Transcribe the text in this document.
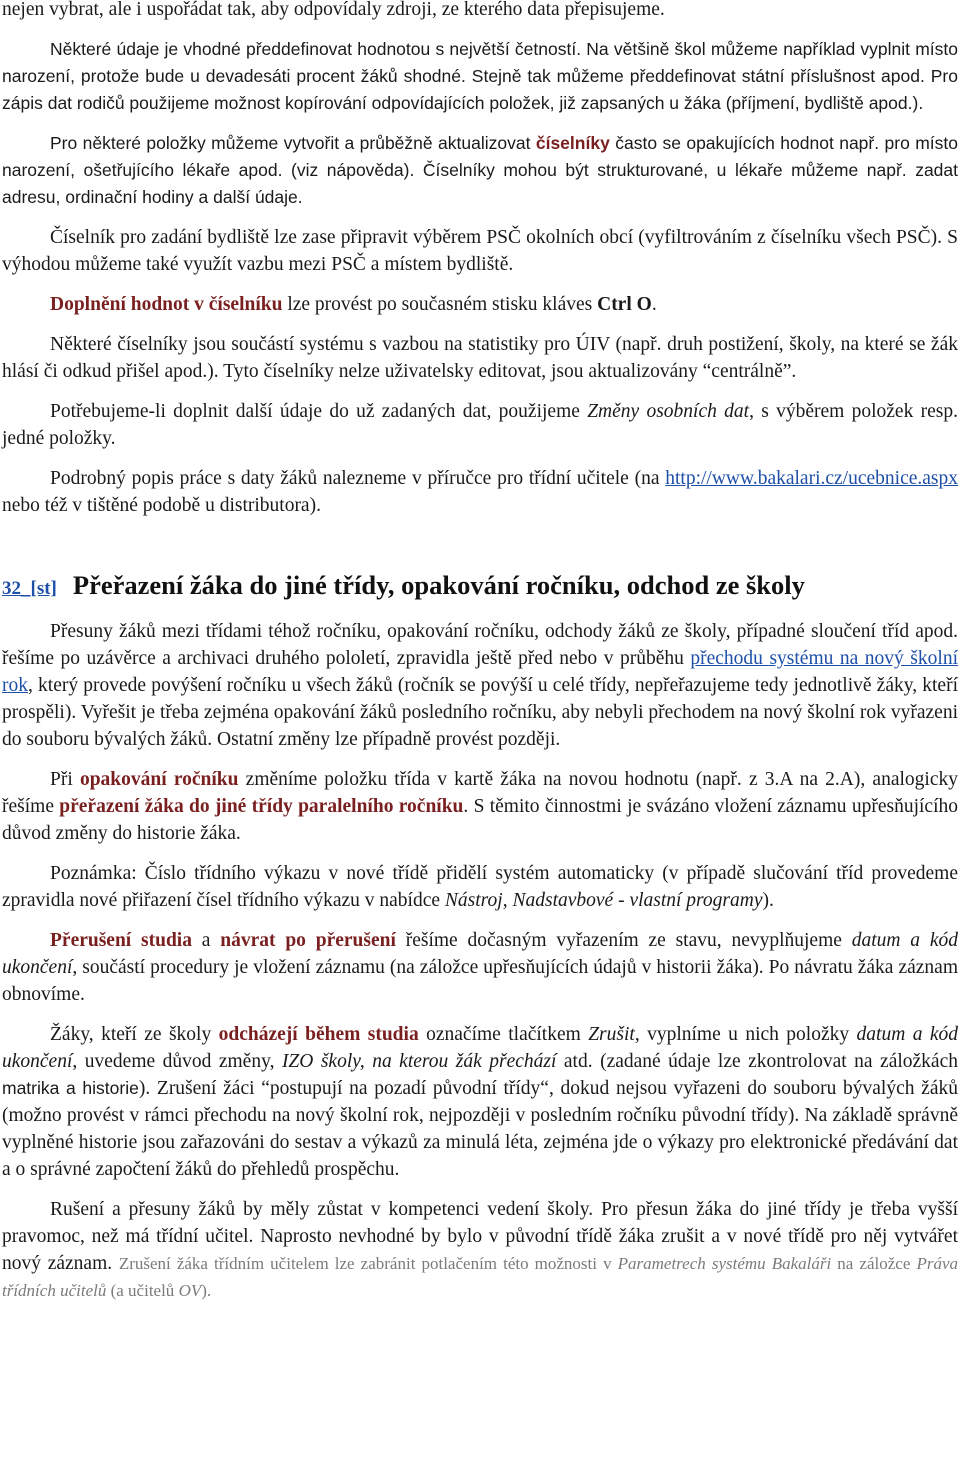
nejen vybrat, ale i uspořádat tak, aby odpovídaly zdroji, ze kterého data přepisujeme.

Některé údaje je vhodné předdefinovat hodnotou s největší četností. Na většině škol můžeme například vyplnit místo narození, protože bude u devadesáti procent žáků shodné. Stejně tak můžeme předdefinovat státní příslušnost apod. Pro zápis dat rodičů použijeme možnost kopírování odpovídajících položek, již zapsaných u žáka (příjmení, bydliště apod.).

Pro některé položky můžeme vytvořit a průběžně aktualizovat číselníky často se opakujících hodnot např. pro místo narození, ošetřujícího lékaře apod. (viz nápověda). Číselníky mohou být strukturované, u lékaře můžeme např. zadat adresu, ordinační hodiny a další údaje.

Číselník pro zadání bydliště lze zase připravit výběrem PSČ okolních obcí (vyfiltrováním z číselníku všech PSČ). S výhodou můžeme také využít vazbu mezi PSČ a místem bydliště.

Doplnění hodnot v číselníku lze provést po současném stisku kláves Ctrl O.

Některé číselníky jsou součástí systému s vazbou na statistiky pro ÚIV (např. druh postižení, školy, na které se žák hlásí či odkud přišel apod.). Tyto číselníky nelze uživatelsky editovat, jsou aktualizovány “centrálně”.

Potřebujeme-li doplnit další údaje do už zadaných dat, použijeme Změny osobních dat, s výběrem položek resp. jedné položky.

Podrobný popis práce s daty žáků nalezneme v příručce pro třídní učitele (na http://www.bakalari.cz/ucebnice.aspx nebo též v tištěné podobě u distributora).

32_[st] Přeřazení žáka do jiné třídy, opakování ročníku, odchod ze školy

Přesuny žáků mezi třídami téhož ročníku, opakování ročníku, odchody žáků ze školy, případné sloučení tříd apod. řešíme po uzávěrce a archivaci druhého pololetí, zpravidla ještě před nebo v průběhu přechodu systému na nový školní rok, který provede povýšení ročníku u všech žáků (ročník se povýší u celé třídy, nepřeřazujeme tedy jednotlivě žáky, kteří prospěli). Vyřešit je třeba zejména opakování žáků posledního ročníku, aby nebyli přechodem na nový školní rok vyřazeni do souboru bývalých žáků. Ostatní změny lze případně provést později.

Při opakování ročníku změníme položku třída v kartě žáka na novou hodnotu (např. z 3.A na 2.A), analogicky řešíme přeřazení žáka do jiné třídy paralelního ročníku. S těmito činnostmi je svázáno vložení záznamu upřesňujícího důvod změny do historie žáka.

Poznámka: Číslo třídního výkazu v nové třídě přidělí systém automaticky (v případě slučování tříd provedeme zpravidla nové přiřazení čísel třídního výkazu v nabídce Nástroj, Nadstavbové - vlastní programy).

Přerušení studia a návrat po přerušení řešíme dočasným vyřazením ze stavu, nevyplňujeme datum a kód ukončení, součástí procedury je vložení záznamu (na záložce upřesňujících údajů v historii žáka). Po návratu žáka záznam obnovíme.

Žáky, kteří ze školy odcházejí během studia označíme tlačítkem Zrušit, vyplníme u nich položky datum a kód ukončení, uvedeme důvod změny, IZO školy, na kterou žák přechází atd. (zadané údaje lze zkontrolovat na záložkách matrika a historie). Zrušení žáci “postupují na pozadí původní třídy“, dokud nejsou vyřazeni do souboru bývalých žáků (možno provést v rámci přechodu na nový školní rok, nejpozději v posledním ročníku původní třídy). Na základě správně vyplněné historie jsou zařazováni do sestav a výkazů za minulá léta, zejména jde o výkazy pro elektronické předávání dat a o správné započtení žáků do přehledů prospěchu.

Rušení a přesuny žáků by měly zůstat v kompetenci vedení školy. Pro přesun žáka do jiné třídy je třeba vyšší pravomoc, než má třídní učitel. Naprosto nevhodné by bylo v původní třídě žáka zrušit a v nové třídě pro něj vytvářet nový záznam. Zrušení žáka třídním učitelem lze zabránit potlačením této možnosti v Parametrech systému Bakaláři na záložce Práva třídních učitelů (a učitelů OV).
